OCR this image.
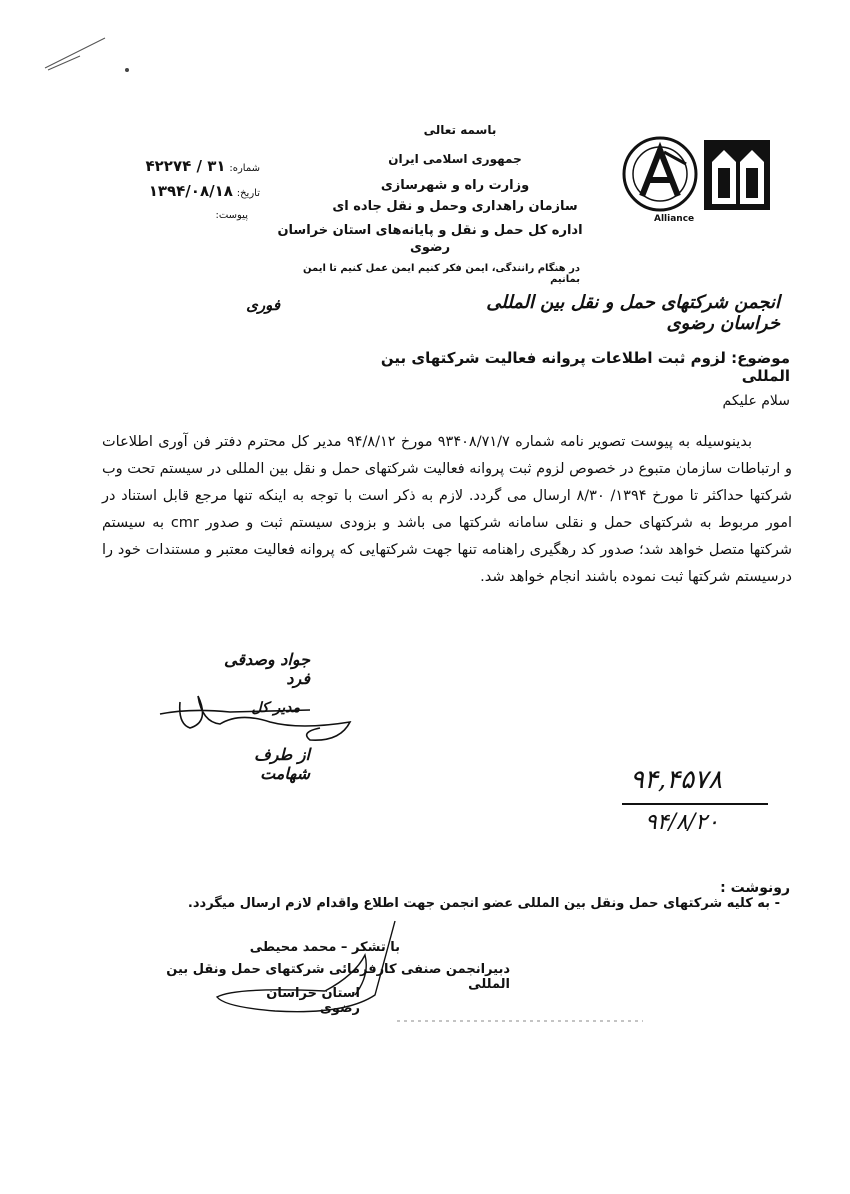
Alliance
باسمه تعالی
جمهوری اسلامی ایران
وزارت راه و شهرسازی
سازمان راهداری وحمل و نقل جاده ای
اداره کل حمل و نقل و پایانه‌های استان خراسان رضوی
شماره: ۳۱ / ۴۲۲۷۴
تاریخ: ۱۳۹۴/۰۸/۱۸
پیوست:
در هنگام رانندگی، ایمن فکر کنیم ایمن عمل کنیم تا ایمن بمانیم
انجمن شرکتهای حمل و نقل بین المللی خراسان رضوی
فوری
موضوع: لزوم ثبت اطلاعات پروانه فعالیت شرکتهای بین المللی
سلام علیکم
بدینوسیله به پیوست تصویر نامه شماره ۹۳۴۰۸/۷۱/۷ مورخ ۹۴/۸/۱۲ مدیر کل محترم دفتر فن آوری اطلاعات و ارتباطات سازمان متبوع در خصوص لزوم ثبت پروانه فعالیت شرکتهای حمل و نقل بین المللی در سیستم تحت وب شرکتها حداکثر تا مورخ ۱۳۹۴/ ۸/۳۰ ارسال می گردد. لازم به ذکر است با توجه به اینکه تنها مرجع قابل استناد در امور مربوط به شرکتهای حمل و نقلی سامانه شرکتها می باشد و بزودی سیستم ثبت و صدور cmr به سیستم شرکتها متصل خواهد شد؛ صدور کد رهگیری راهنامه تنها جهت شرکتهایی که پروانه فعالیت معتبر و مستندات خود را درسیستم شرکتها ثبت نموده باشند انجام خواهد شد.
جواد وصدقی فرد
مدیر کل
از طرف شهامت	۹۴,۴۵۷۸
۹۴/۸/۲۰
رونوشت :
- به کلیه شرکتهای حمل ونقل بین المللی عضو انجمن جهت اطلاع واقدام لازم ارسال میگردد.
با تشکر – محمد محیطی
دبیرانجمن صنفی کارفرمائی شرکتهای حمل ونقل بین المللی
استان خراسان رضوی
